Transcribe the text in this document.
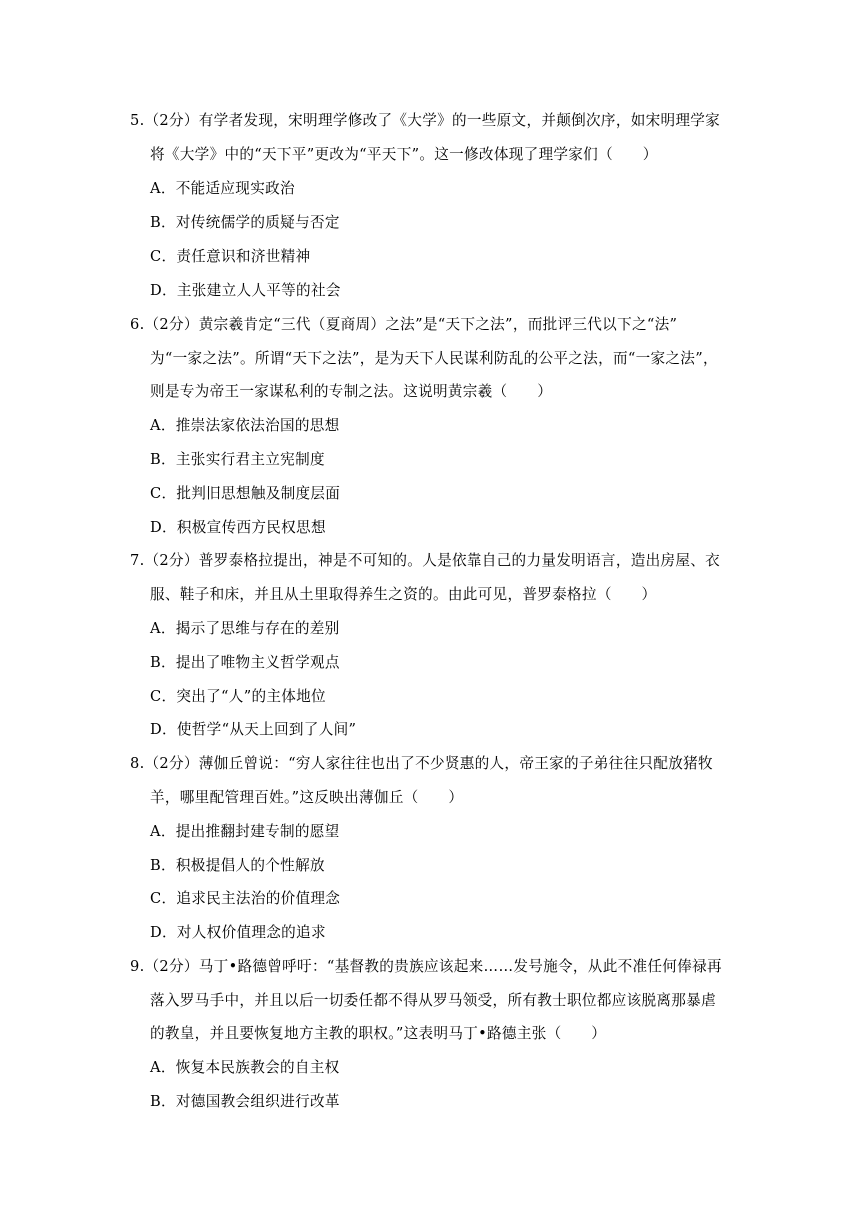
5.（2分）有学者发现，宋明理学修改了《大学》的一些原文，并颠倒次序，如宋明理学家
将《大学》中的“天下平”更改为“平天下”。这一修改体现了理学家们（　　）
A．不能适应现实政治
B．对传统儒学的质疑与否定
C．责任意识和济世精神
D．主张建立人人平等的社会
6.（2分）黄宗羲肯定“三代（夏商周）之法”是“天下之法”，而批评三代以下之“法”
为“一家之法”。所谓“天下之法”，是为天下人民谋利防乱的公平之法，而“一家之法”，
则是专为帝王一家谋私利的专制之法。这说明黄宗羲（　　）
A．推崇法家依法治国的思想
B．主张实行君主立宪制度
C．批判旧思想触及制度层面
D．积极宣传西方民权思想
7.（2分）普罗泰格拉提出，神是不可知的。人是依靠自己的力量发明语言，造出房屋、衣
服、鞋子和床，并且从土里取得养生之资的。由此可见，普罗泰格拉（　　）
A．揭示了思维与存在的差别
B．提出了唯物主义哲学观点
C．突出了“人”的主体地位
D．使哲学“从天上回到了人间”
8.（2分）薄伽丘曾说：“穷人家往往也出了不少贤惠的人，帝王家的子弟往往只配放猪牧
羊，哪里配管理百姓。”这反映出薄伽丘（　　）
A．提出推翻封建专制的愿望
B．积极提倡人的个性解放
C．追求民主法治的价值理念
D．对人权价值理念的追求
9.（2分）马丁•路德曾呼吁：“基督教的贵族应该起来……发号施令，从此不准任何俸禄再
落入罗马手中，并且以后一切委任都不得从罗马领受，所有教士职位都应该脱离那暴虐
的教皇，并且要恢复地方主教的职权。”这表明马丁•路德主张（　　）
A．恢复本民族教会的自主权
B．对德国教会组织进行改革
